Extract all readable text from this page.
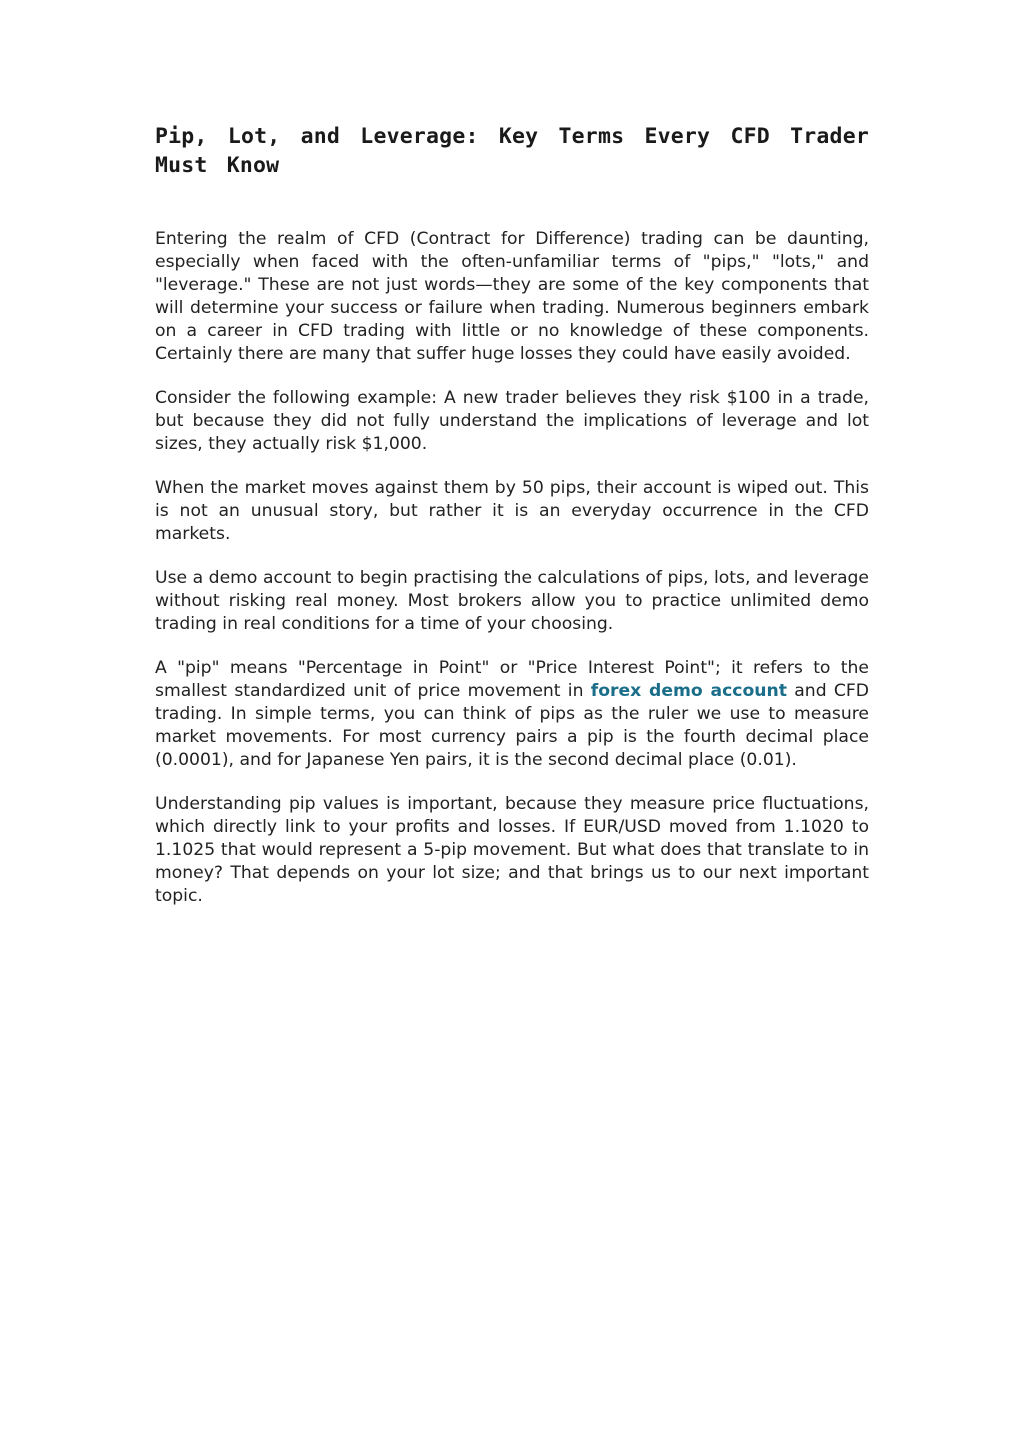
Pip, Lot, and Leverage: Key Terms Every CFD Trader Must Know

Entering the realm of CFD (Contract for Difference) trading can be daunting, especially when faced with the often-unfamiliar terms of "pips," "lots," and "leverage." These are not just words—they are some of the key components that will determine your success or failure when trading. Numerous beginners embark on a career in CFD trading with little or no knowledge of these components. Certainly there are many that suffer huge losses they could have easily avoided.

Consider the following example: A new trader believes they risk $100 in a trade, but because they did not fully understand the implications of leverage and lot sizes, they actually risk $1,000.

When the market moves against them by 50 pips, their account is wiped out. This is not an unusual story, but rather it is an everyday occurrence in the CFD markets.

Use a demo account to begin practising the calculations of pips, lots, and leverage without risking real money. Most brokers allow you to practice unlimited demo trading in real conditions for a time of your choosing.

A "pip" means "Percentage in Point" or "Price Interest Point"; it refers to the smallest standardized unit of price movement in forex demo account and CFD trading. In simple terms, you can think of pips as the ruler we use to measure market movements. For most currency pairs a pip is the fourth decimal place (0.0001), and for Japanese Yen pairs, it is the second decimal place (0.01).

Understanding pip values is important, because they measure price fluctuations, which directly link to your profits and losses. If EUR/USD moved from 1.1020 to 1.1025 that would represent a 5-pip movement. But what does that translate to in money? That depends on your lot size; and that brings us to our next important topic.
